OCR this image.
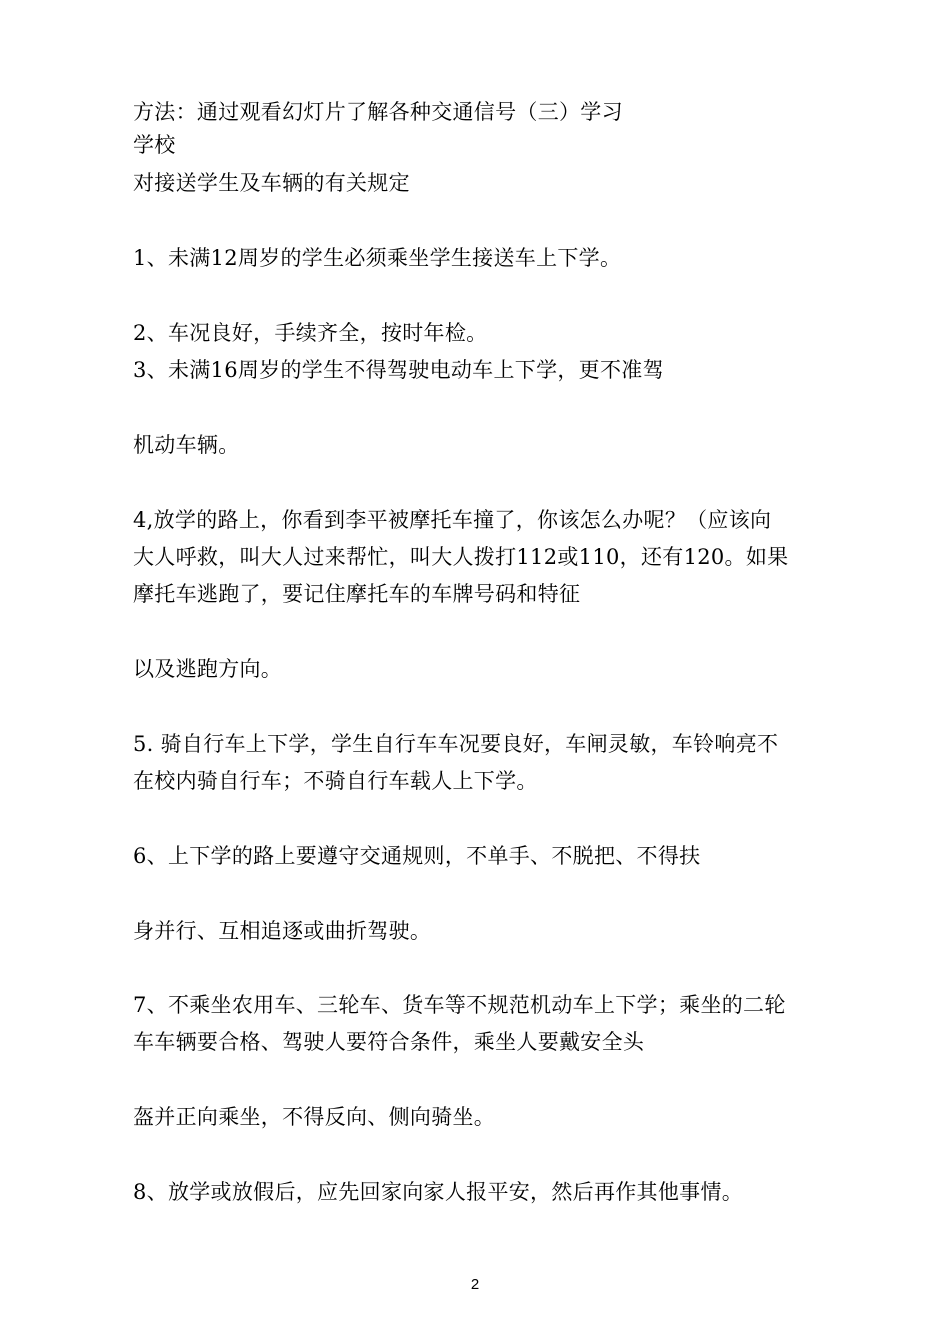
方法：通过观看幻灯片了解各种交通信号（三）学习
学校
对接送学生及车辆的有关规定
1、未满12周岁的学生必须乘坐学生接送车上下学。
2、车况良好，手续齐全，按时年检。
3、未满16周岁的学生不得驾驶电动车上下学，更不准驾
机动车辆。
4,放学的路上，你看到李平被摩托车撞了，你该怎么办呢？（应该向
大人呼救，叫大人过来帮忙，叫大人拨打112或110，还有120。如果
摩托车逃跑了，要记住摩托车的车牌号码和特征
以及逃跑方向。
5. 骑自行车上下学，学生自行车车况要良好，车闸灵敏，车铃响亮不
在校内骑自行车；不骑自行车载人上下学。
6、上下学的路上要遵守交通规则，不单手、不脱把、不得扶
身并行、互相追逐或曲折驾驶。
7、不乘坐农用车、三轮车、货车等不规范机动车上下学；乘坐的二轮
车车辆要合格、驾驶人要符合条件，乘坐人要戴安全头
盔并正向乘坐，不得反向、侧向骑坐。
8、放学或放假后，应先回家向家人报平安，然后再作其他事情。
2
